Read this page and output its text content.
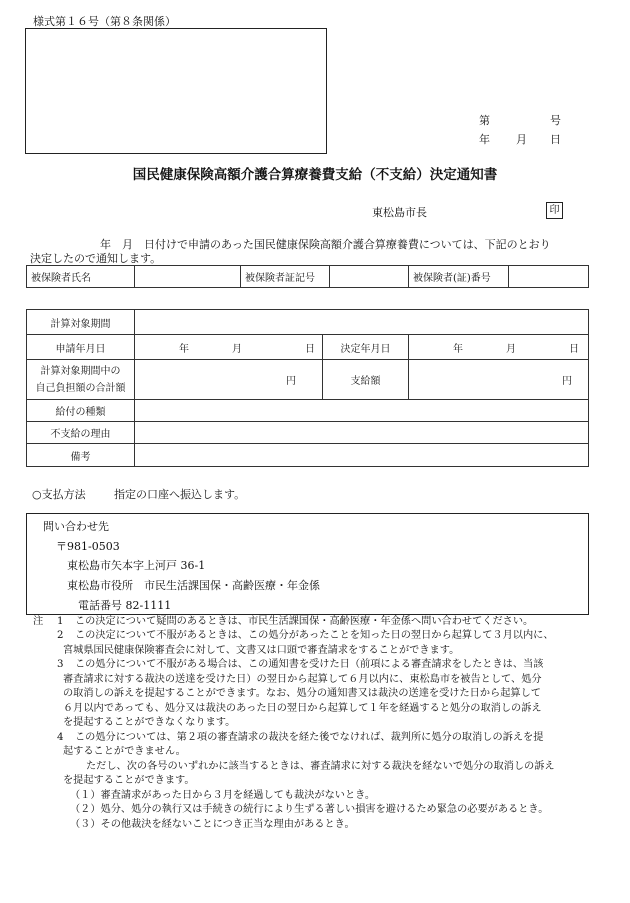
様式第１６号（第８条関係）
第	号
年 月 日
国民健康保険高額介護合算療養費支給（不支給）決定通知書
東松島市長	印
年　月　日付けで申請のあった国民健康保険高額介護合算療養費については、下記のとおり
決定したので通知します。
被保険者氏名		被保険者証記号		被保険者(証)番号	
計算対象期間			
申請年月日	年 月 日	決定年月日	年 月 日

計算対象期間中の
自己負担額の合計額	円	支給額	円
給付の種類			
不支給の理由			
備考			
○支払方法	指定の口座へ振込します。
問い合わせ先
〒981-0503
東松島市矢本字上河戸 36-1
東松島市役所　市民生活課国保・高齢医療・年金係
電話番号 82-1111
注 1 この決定について疑問のあるときは、市民生活課国保・高齢医療・年金係へ問い合わせてください。
2 この決定について不服があるときは、この処分があったことを知った日の翌日から起算して３月以内に、
宮城県国民健康保険審査会に対して、文書又は口頭で審査請求をすることができます。
3 この処分について不服がある場合は、この通知書を受けた日（前項による審査請求をしたときは、当該
審査請求に対する裁決の送達を受けた日）の翌日から起算して６月以内に、東松島市を被告として、処分
の取消しの訴えを提起することができます。なお、処分の通知書又は裁決の送達を受けた日から起算して
６月以内であっても、処分又は裁決のあった日の翌日から起算して１年を経過すると処分の取消しの訴え
を提起することができなくなります。
4 この処分については、第２項の審査請求の裁決を経た後でなければ、裁判所に処分の取消しの訴えを提
起することができません。
ただし、次の各号のいずれかに該当するときは、審査請求に対する裁決を経ないで処分の取消しの訴え
を提起することができます。
（１）審査請求があった日から３月を経過しても裁決がないとき。
（２）処分、処分の執行又は手続きの続行により生ずる著しい損害を避けるため緊急の必要があるとき。
（３）その他裁決を経ないことにつき正当な理由があるとき。
